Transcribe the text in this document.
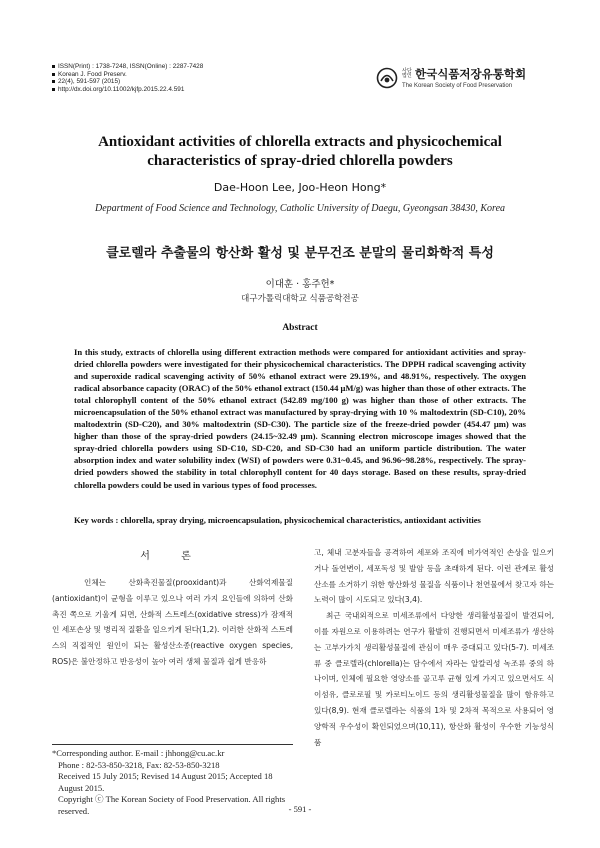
ISSN(Print) : 1738-7248, ISSN(Online) : 2287-7428
Korean J. Food Preserv.
22(4), 591-597 (2015)
http://dx.doi.org/10.11002/kjfp.2015.22.4.591
사단 법인 한국식품저장유통학회
The Korean Society of Food Preservation
Antioxidant activities of chlorella extracts and physicochemical
characteristics of spray-dried chlorella powders
Dae-Hoon Lee, Joo-Heon Hong*
Department of Food Science and Technology, Catholic University of Daegu, Gyeongsan 38430, Korea
클로렐라 추출물의 항산화 활성 및 분무건조 분말의 물리화학적 특성
이대훈 · 홍주헌*
대구가톨릭대학교 식품공학전공
Abstract
In this study, extracts of chlorella using different extraction methods were compared for antioxidant activities and spray-dried chlorella powders were investigated for their physicochemical characteristics. The DPPH radical scavenging activity and superoxide radical scavenging activity of 50% ethanol extract were 29.19%, and 48.91%, respectively. The oxygen radical absorbance capacity (ORAC) of the 50% ethanol extract (150.44 μM/g) was higher than those of other extracts. The total chlorophyll content of the 50% ethanol extract (542.89 mg/100 g) was higher than those of other extracts. The microencapsulation of the 50% ethanol extract was manufactured by spray-drying with 10 % maltodextrin (SD-C10), 20% maltodextrin (SD-C20), and 30% maltodextrin (SD-C30). The particle size of the freeze-dried powder (454.47 μm) was higher than those of the spray-dried powders (24.15~32.49 μm). Scanning electron microscope images showed that the spray-dried chlorella powders using SD-C10, SD-C20, and SD-C30 had an uniform particle distribution. The water absorption index and water solubility index (WSI) of powders were 0.31~0.45, and 96.96~98.28%, respectively. The spray-dried powders showed the stability in total chlorophyll content for 40 days storage. Based on these results, spray-dried chlorella powders could be used in various types of food processes.
Key words : chlorella, spray drying, microencapsulation, physicochemical characteristics, antioxidant activities
서 론

인체는 산화촉진물질(prooxidant)과 산화억제물질(antioxidant)이 균형을 이루고 있으나 여러 가지 요인들에 의하여 산화촉진 쪽으로 기울게 되면, 산화적 스트레스(oxidative stress)가 잠재적인 세포손상 및 병리적 질환을 일으키게 된다(1,2). 이러한 산화적 스트레스의 직접적인 원인이 되는 활성산소종(reactive oxygen species, ROS)은 불안정하고 반응성이 높아 여러 생체 물질과 쉽게 반응하

고, 체내 고분자들을 공격하여 세포와 조직에 비가역적인 손상을 일으키거나 돌연변이, 세포독성 및 발암 등을 초래하게 된다. 이런 관계로 활성산소를 소거하기 위한 항산화성 물질을 식품이나 천연물에서 찾고자 하는 노력이 많이 시도되고 있다(3,4).

최근 국내외적으로 미세조류에서 다양한 생리활성물질이 발견되어, 이를 자원으로 이용하려는 연구가 활발히 진행되면서 미세조류가 생산하는 고부가가치 생리활성물질에 관심이 매우 증대되고 있다(5-7). 미세조류 중 클로렐라(chlorella)는 담수에서 자라는 알칼리성 녹조류 중의 하나이며, 인체에 필요한 영양소를 골고루 균형 있게 가지고 있으면서도 식이섬유, 클로로필 및 카로티노이드 등의 생리활성물질을 많이 함유하고 있다(8,9). 현재 클로렐라는 식품의 1차 및 2차적 목적으로 사용되어 영양학적 우수성이 확인되었으며(10,11), 항산화 활성이 우수한 기능성식품

*Corresponding author. E-mail : jhhong@cu.ac.kr
Phone : 82-53-850-3218, Fax: 82-53-850-3218
Received 15 July 2015; Revised 14 August 2015; Accepted 18 August 2015.
Copyright ⓒ The Korean Society of Food Preservation. All rights reserved.	- 591 -
